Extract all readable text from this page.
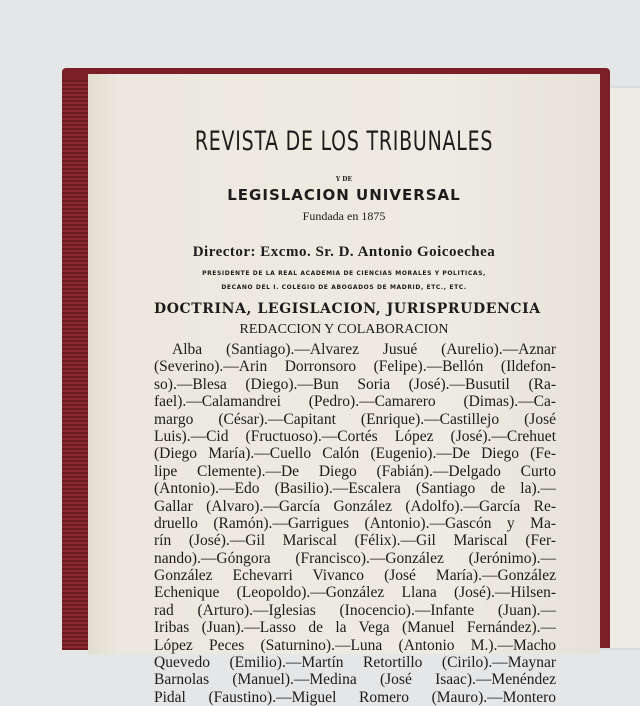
REVISTA DE LOS TRIBUNALES
Y DE
LEGISLACION UNIVERSAL
Fundada en 1875
Director: Excmo. Sr. D. Antonio Goicoechea
PRESIDENTE DE LA REAL ACADEMIA DE CIENCIAS MORALES Y POLITICAS,
DECANO DEL I. COLEGIO DE ABOGADOS DE MADRID, ETC., ETC.
DOCTRINA, LEGISLACION, JURISPRUDENCIA
REDACCION Y COLABORACION
Alba (Santiago).—Alvarez Jusué (Aurelio).—Aznar
(Severino).—Arin Dorronsoro (Felipe).—Bellón (Ildefon-
so).—Blesa (Diego).—Bun Soria (José).—Busutil (Ra-
fael).—Calamandrei (Pedro).—Camarero (Dimas).—Ca-
margo (César).—Capitant (Enrique).—Castillejo (José
Luis).—Cid (Fructuoso).—Cortés López (José).—Crehuet
(Diego María).—Cuello Calón (Eugenio).—De Diego (Fe-
lipe Clemente).—De Diego (Fabián).—Delgado Curto
(Antonio).—Edo (Basilio).—Escalera (Santiago de la).—
Gallar (Alvaro).—García González (Adolfo).—García Re-
druello (Ramón).—Garrigues (Antonio).—Gascón y Ma-
rín (José).—Gil Mariscal (Félix).—Gil Mariscal (Fer-
nando).—Góngora (Francisco).—González (Jerónimo).—
González Echevarri Vivanco (José María).—González
Echenique (Leopoldo).—González Llana (José).—Hilsen-
rad (Arturo).—Iglesias (Inocencio).—Infante (Juan).—
Iribas (Juan).—Lasso de la Vega (Manuel Fernández).—
López Peces (Saturnino).—Luna (Antonio M.).—Macho
Quevedo (Emilio).—Martín Retortillo (Cirilo).—Maynar
Barnolas (Manuel).—Medina (José Isaac).—Menéndez
Pidal (Faustino).—Miguel Romero (Mauro).—Montero
